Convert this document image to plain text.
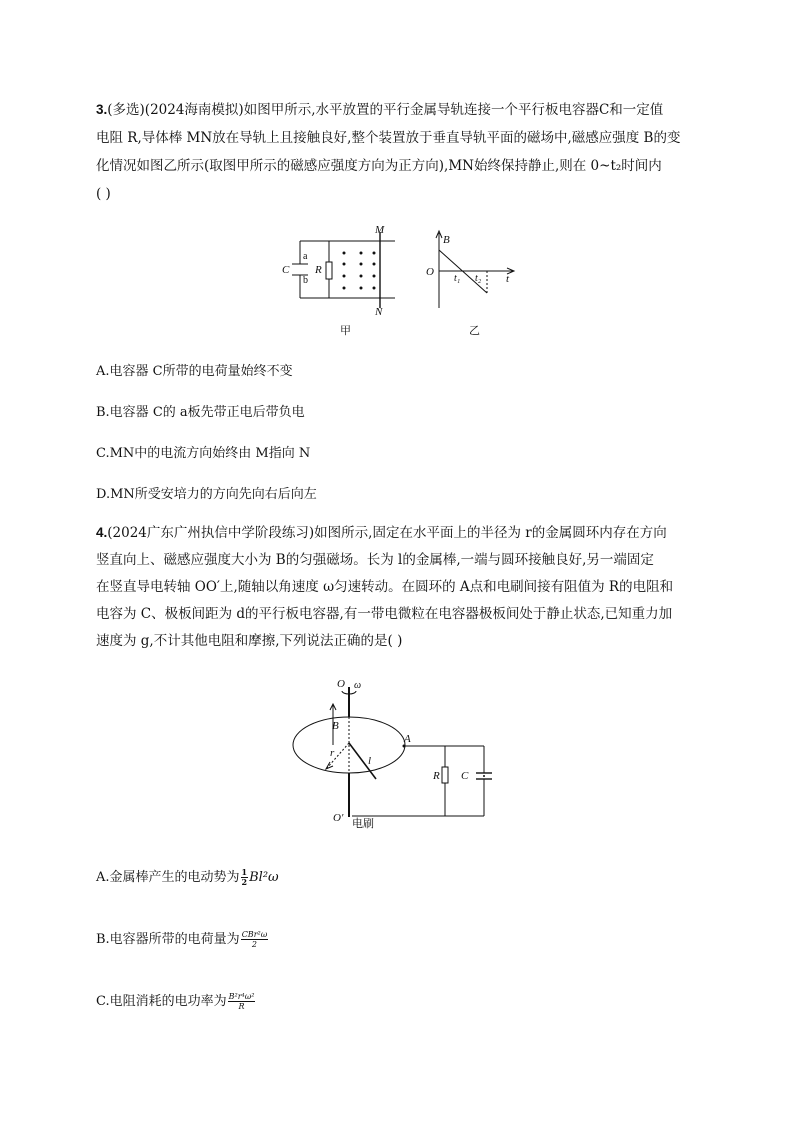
3.(多选)(2024海南模拟)如图甲所示,水平放置的平行金属导轨连接一个平行板电容器C和一定值
电阻 R,导体棒 MN放在导轨上且接触良好,整个装置放于垂直导轨平面的磁场中,磁感应强度 B的变
化情况如图乙所示(取图甲所示的磁感应强度方向为正方向),MN始终保持静止,则在 0~t₂时间内
( )
C
a
b
R
M
N
甲
B
O
t₁ t₂ t
乙
A.电容器 C所带的电荷量始终不变
B.电容器 C的 a板先带正电后带负电
C.MN中的电流方向始终由 M指向 N
D.MN所受安培力的方向先向右后向左
4.(2024广东广州执信中学阶段练习)如图所示,固定在水平面上的半径为 r的金属圆环内存在方向
竖直向上、磁感应强度大小为 B的匀强磁场。长为 l的金属棒,一端与圆环接触良好,另一端固定
在竖直导电转轴 OO′上,随轴以角速度 ω匀速转动。在圆环的 A点和电刷间接有阻值为 R的电阻和
电容为 C、极板间距为 d的平行板电容器,有一带电微粒在电容器极板间处于静止状态,已知重力加
速度为 g,不计其他电阻和摩擦,下列说法正确的是( )
O ω
B
r
l
A
R C
O′ 电刷
A.金属棒产生的电动势为 $\frac{1}{2} Bl^2\omega$
B.电容器所带的电荷量为 $\frac{\text{CBr²ω}}{2}$
C.电阻消耗的电功率为 $\frac{\text{B²r⁴ω²}}{R}$
